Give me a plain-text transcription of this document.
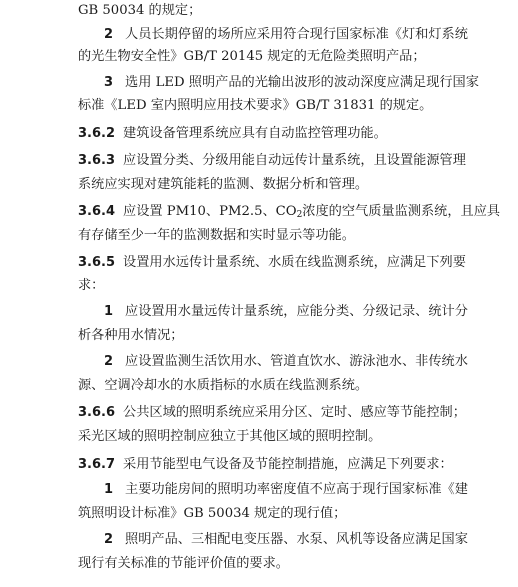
GB 50034 的规定；
2 人员长期停留的场所应采用符合现行国家标准《灯和灯系统
的光生物安全性》GB/T 20145 规定的无危险类照明产品；
3 选用 LED 照明产品的光输出波形的波动深度应满足现行国家
标准《LED 室内照明应用技术要求》GB/T 31831 的规定。
3.6.2 建筑设备管理系统应具有自动监控管理功能。
3.6.3 应设置分类、分级用能自动远传计量系统，且设置能源管理
系统应实现对建筑能耗的监测、数据分析和管理。
3.6.4 应设置 PM10、PM2.5、$CO_2$浓度的空气质量监测系统，且应具
有存储至少一年的监测数据和实时显示等功能。
3.6.5 设置用水远传计量系统、水质在线监测系统，应满足下列要
求：
1 应设置用水量远传计量系统，应能分类、分级记录、统计分
析各种用水情况；
2 应设置监测生活饮用水、管道直饮水、游泳池水、非传统水
源、空调冷却水的水质指标的水质在线监测系统。
3.6.6 公共区域的照明系统应采用分区、定时、感应等节能控制；
采光区域的照明控制应独立于其他区域的照明控制。
3.6.7 采用节能型电气设备及节能控制措施，应满足下列要求：
1 主要功能房间的照明功率密度值不应高于现行国家标准《建
筑照明设计标准》GB 50034 规定的现行值；
2 照明产品、三相配电变压器、水泵、风机等设备应满足国家
现行有关标准的节能评价值的要求。
